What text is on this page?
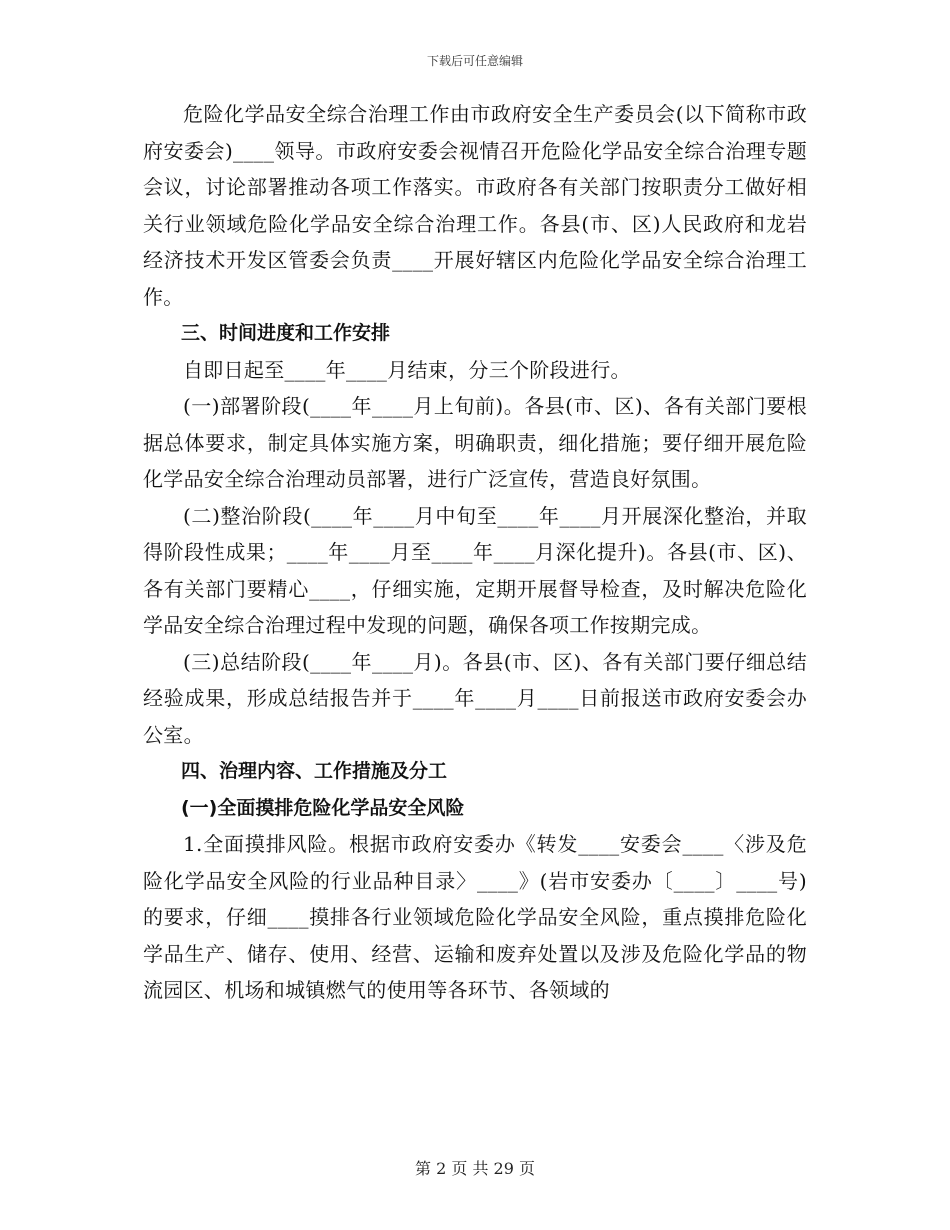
下载后可任意编辑

危险化学品安全综合治理工作由市政府安全生产委员会(以下简称市政府安委会)____领导。市政府安委会视情召开危险化学品安全综合治理专题会议，讨论部署推动各项工作落实。市政府各有关部门按职责分工做好相关行业领域危险化学品安全综合治理工作。各县(市、区)人民政府和龙岩经济技术开发区管委会负责____开展好辖区内危险化学品安全综合治理工作。

三、时间进度和工作安排

自即日起至____年____月结束，分三个阶段进行。

(一)部署阶段(____年____月上旬前)。各县(市、区)、各有关部门要根据总体要求，制定具体实施方案，明确职责，细化措施；要仔细开展危险化学品安全综合治理动员部署，进行广泛宣传，营造良好氛围。

(二)整治阶段(____年____月中旬至____年____月开展深化整治，并取得阶段性成果；____年____月至____年____月深化提升)。各县(市、区)、各有关部门要精心____，仔细实施，定期开展督导检查，及时解决危险化学品安全综合治理过程中发现的问题，确保各项工作按期完成。

(三)总结阶段(____年____月)。各县(市、区)、各有关部门要仔细总结经验成果，形成总结报告并于____年____月____日前报送市政府安委会办公室。

四、治理内容、工作措施及分工

(一)全面摸排危险化学品安全风险

1.全面摸排风险。根据市政府安委办《转发____安委会____〈涉及危险化学品安全风险的行业品种目录〉____》(岩市安委办〔____〕____号)的要求，仔细____摸排各行业领域危险化学品安全风险，重点摸排危险化学品生产、储存、使用、经营、运输和废弃处置以及涉及危险化学品的物流园区、机场和城镇燃气的使用等各环节、各领域的

第 2 页 共 29 页
